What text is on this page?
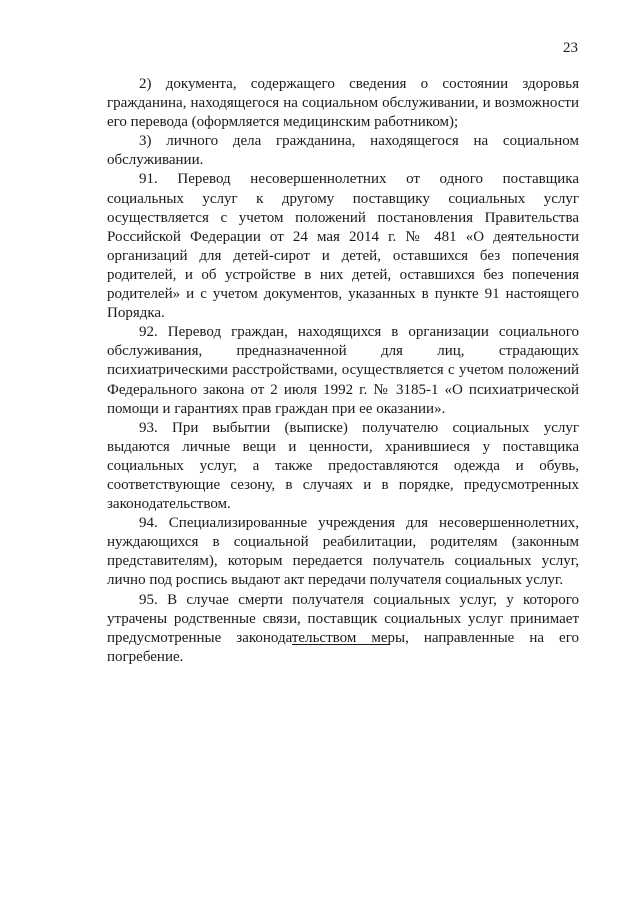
23

2) документа, содержащего сведения о состоянии здоровья гражданина, находящегося на социальном обслуживании, и возможности его перевода (оформляется медицинским работником);

3) личного дела гражданина, находящегося на социальном обслуживании.

91. Перевод несовершеннолетних от одного поставщика социальных услуг к другому поставщику социальных услуг осуществляется с учетом положений постановления Правительства Российской Федерации от 24 мая 2014 г. № 481 «О деятельности организаций для детей-сирот и детей, оставшихся без попечения родителей, и об устройстве в них детей, оставшихся без попечения родителей» и с учетом документов, указанных в пункте 91 настоящего Порядка.

92. Перевод граждан, находящихся в организации социального обслуживания, предназначенной для лиц, страдающих психиатрическими расстройствами, осуществляется с учетом положений Федерального закона от 2 июля 1992 г. № 3185-1 «О психиатрической помощи и гарантиях прав граждан при ее оказании».

93. При выбытии (выписке) получателю социальных услуг выдаются личные вещи и ценности, хранившиеся у поставщика социальных услуг, а также предоставляются одежда и обувь, соответствующие сезону, в случаях и в порядке, предусмотренных законодательством.

94. Специализированные учреждения для несовершеннолетних, нуждающихся в социальной реабилитации, родителям (законным представителям), которым передается получатель социальных услуг, лично под роспись выдают акт передачи получателя социальных услуг.

95. В случае смерти получателя социальных услуг, у которого утрачены родственные связи, поставщик социальных услуг принимает предусмотренные законодательством меры, направленные на его погребение.
